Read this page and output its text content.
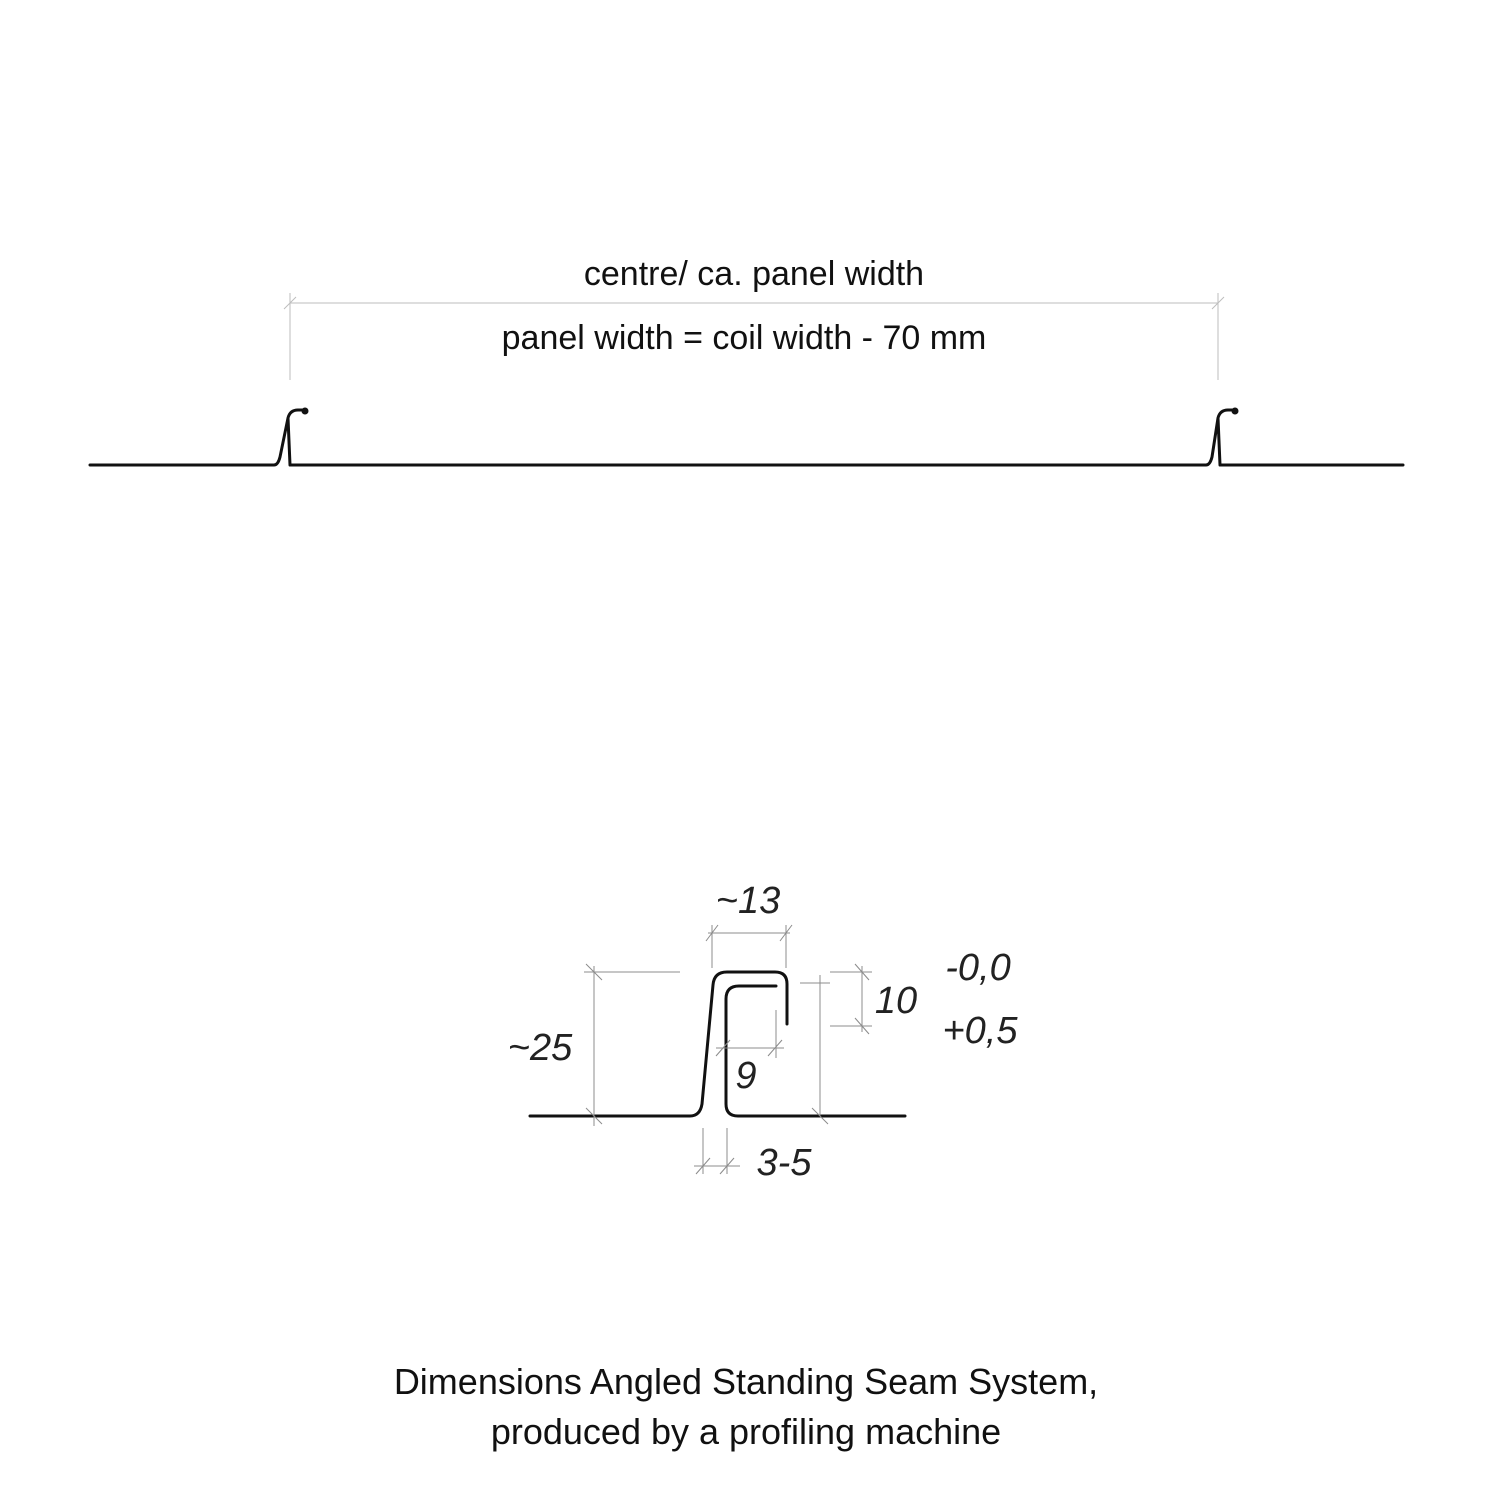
centre/ ca. panel width
panel width = coil width - 70 mm
~13
~25
10
-0,0
+0,5
9
3-5
Dimensions Angled Standing Seam System,
produced by a profiling machine
